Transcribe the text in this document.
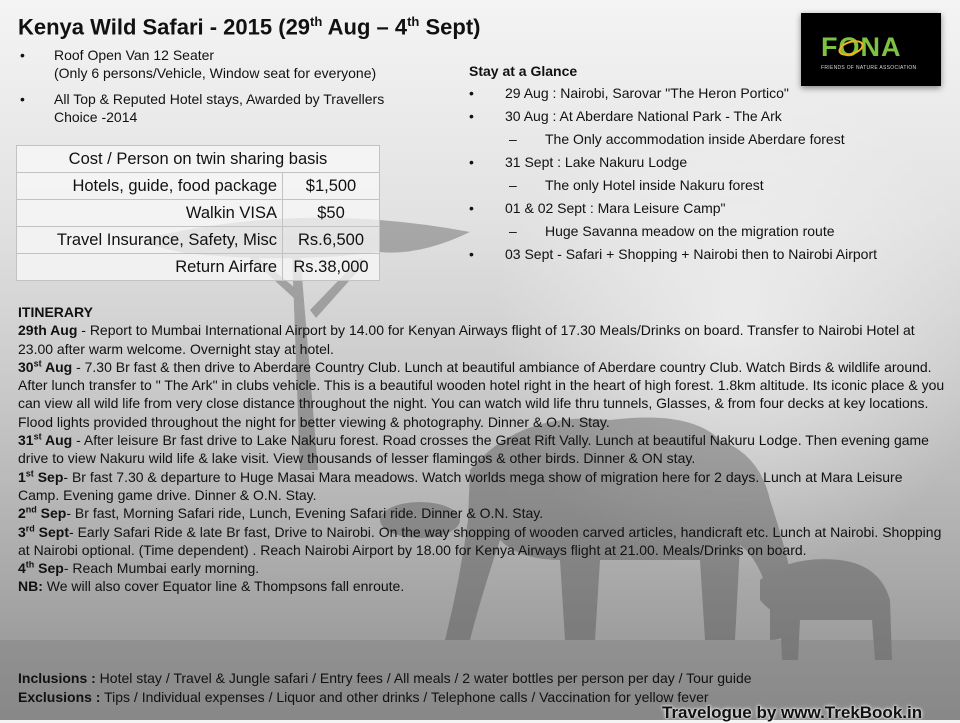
Kenya Wild Safari - 2015 (29th Aug – 4th Sept)
FONA
FRIENDS OF NATURE ASSOCIATION
• Roof Open Van 12 Seater
(Only 6 persons/Vehicle, Window seat for everyone)
• All Top & Reputed Hotel stays, Awarded by Travellers
Choice -2014
Cost / Person on twin sharing basis	
Hotels, guide, food package	$1,500
Walkin VISA	$50
Travel Insurance, Safety, Misc	Rs.6,500
Return Airfare	Rs.38,000
Stay at a Glance
• 29 Aug : Nairobi, Sarovar "The Heron Portico"
• 30 Aug : At Aberdare National Park - The Ark
– The Only accommodation inside Aberdare forest
• 31 Sept : Lake Nakuru Lodge
– The only Hotel inside Nakuru forest
• 01 & 02 Sept : Mara Leisure Camp"
– Huge Savanna meadow on the migration route
• 03 Sept - Safari + Shopping + Nairobi then to Nairobi Airport
ITINERARY

29th Aug - Report to Mumbai International Airport by 14.00 for Kenyan Airways flight of 17.30 Meals/Drinks on board. Transfer to Nairobi Hotel at 23.00 after warm welcome. Overnight stay at hotel.

30st Aug - 7.30 Br fast & then drive to Aberdare Country Club. Lunch at beautiful ambiance of Aberdare country Club. Watch Birds & wildlife around. After lunch transfer to " The Ark" in clubs vehicle. This is a beautiful wooden hotel right in the heart of high forest. 1.8km altitude. Its iconic place & you can view all wild life from very close distance throughout the night. You can watch wild life thru tunnels, Glasses, & from four decks at key locations. Flood lights provided throughout the night for better viewing & photography. Dinner & O.N. Stay.

31st Aug - After leisure Br fast drive to Lake Nakuru forest. Road crosses the Great Rift Vally. Lunch at beautiful Nakuru Lodge. Then evening game drive to view Nakuru wild life & lake visit. View thousands of lesser flamingos & other birds. Dinner & ON stay.

1st Sep- Br fast 7.30 & departure to Huge Masai Mara meadows. Watch worlds mega show of migration here for 2 days. Lunch at Mara Leisure Camp. Evening game drive. Dinner & O.N. Stay.

2nd Sep- Br fast, Morning Safari ride, Lunch, Evening Safari ride. Dinner & O.N. Stay.

3rd Sept- Early Safari Ride & late Br fast, Drive to Nairobi. On the way shopping of wooden carved articles, handicraft etc. Lunch at Nairobi. Shopping at Nairobi optional. (Time dependent) . Reach Nairobi Airport by 18.00 for Kenya Airways flight at 21.00. Meals/Drinks on board.

4th Sep- Reach Mumbai early morning.

NB: We will also cover Equator line & Thompsons fall enroute.

Inclusions : Hotel stay / Travel & Jungle safari / Entry fees / All meals / 2 water bottles per person per day / Tour guide

Exclusions : Tips / Individual expenses / Liquor and other drinks / Telephone calls / Vaccination for yellow fever

Travelogue by www.TrekBook.in
